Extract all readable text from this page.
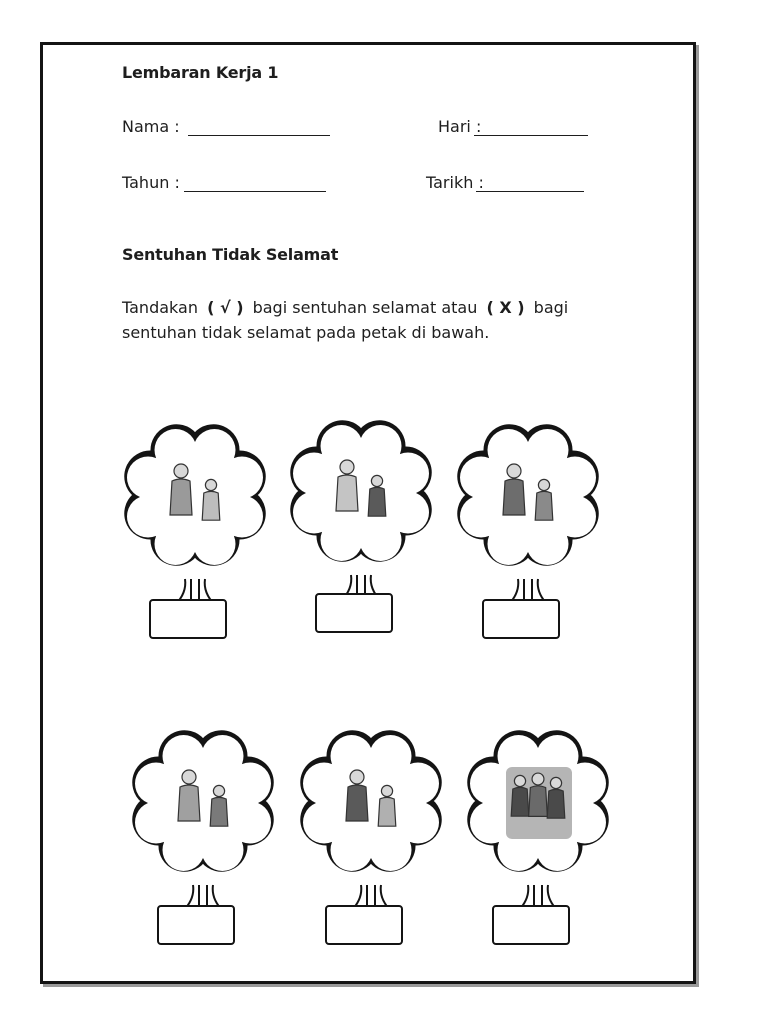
Lembaran Kerja 1
Nama :	Hari :
Tahun :	Tarikh :
Sentuhan Tidak Selamat
Tandakan ( √ ) bagi sentuhan selamat atau ( X ) bagi sentuhan tidak selamat pada petak di bawah.
